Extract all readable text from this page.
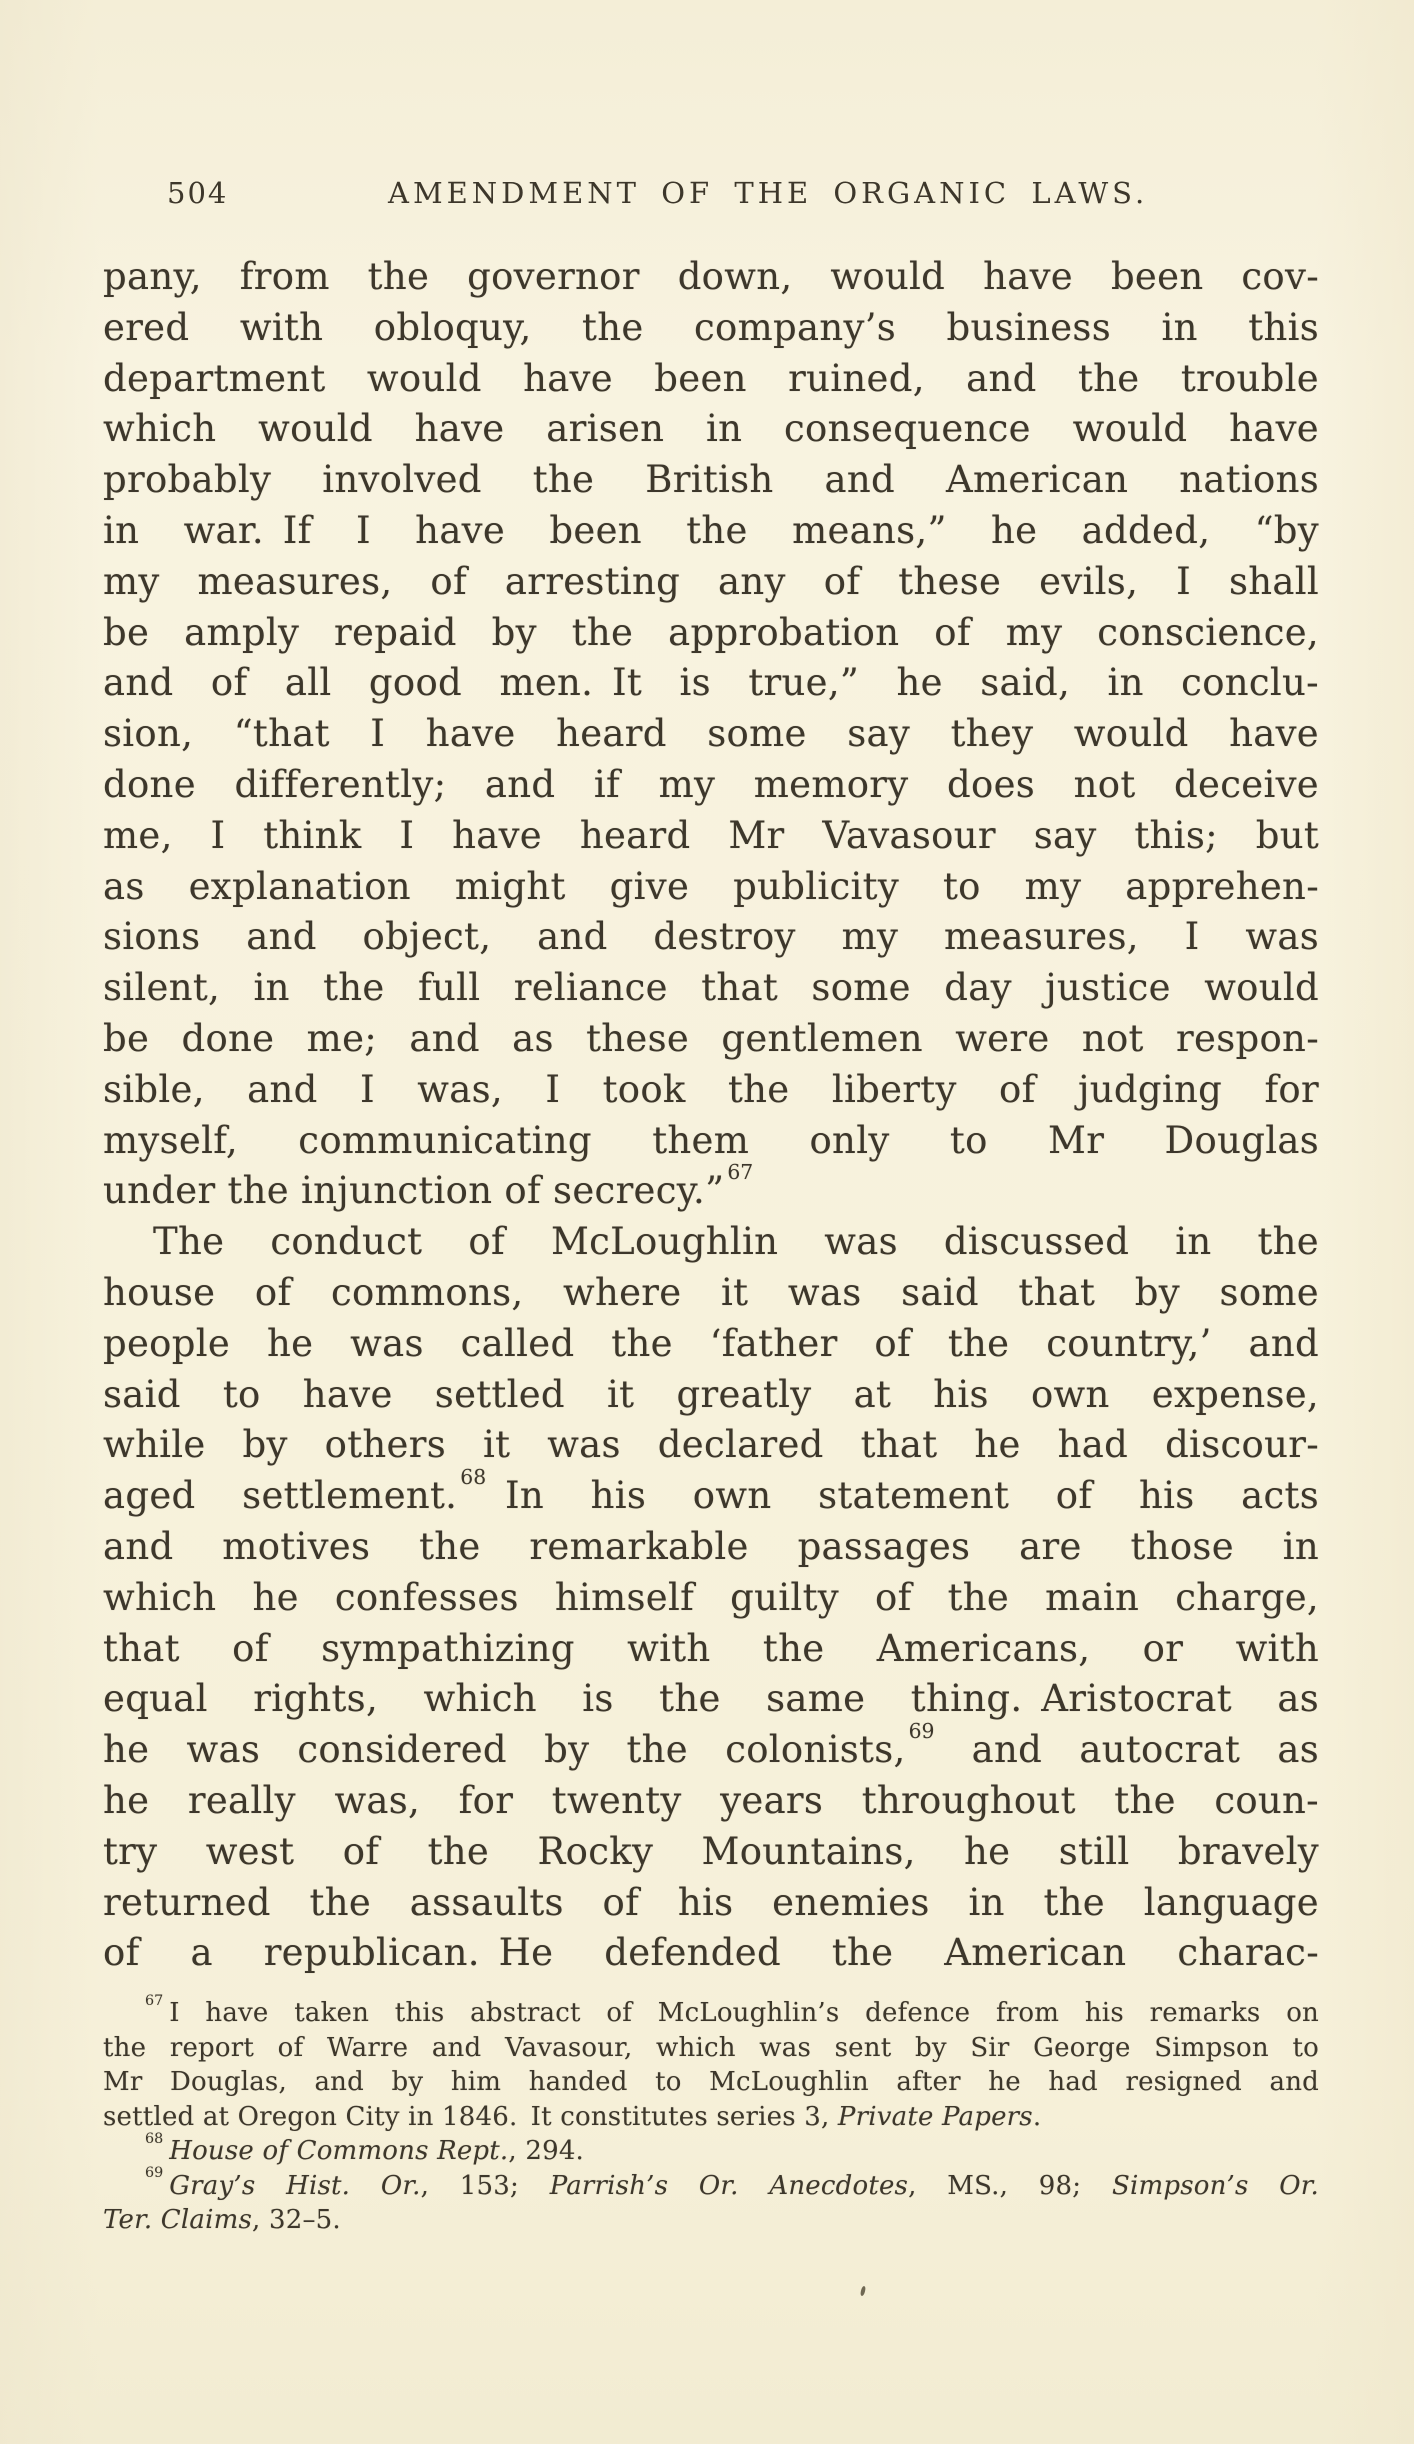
504	AMENDMENT OF THE ORGANIC LAWS.
pany, from the governor down, would have been cov-
ered with obloquy, the company’s business in this
department would have been ruined, and the trouble
which would have arisen in consequence would have
probably involved the British and American nations
in war. If I have been the means,” he added, “by
my measures, of arresting any of these evils, I shall
be amply repaid by the approbation of my conscience,
and of all good men. It is true,” he said, in conclu-
sion, “that I have heard some say they would have
done differently; and if my memory does not deceive
me, I think I have heard Mr Vavasour say this; but
as explanation might give publicity to my apprehen-
sions and object, and destroy my measures, I was
silent, in the full reliance that some day justice would
be done me; and as these gentlemen were not respon-
sible, and I was, I took the liberty of judging for
myself, communicating them only to Mr Douglas
under the injunction of secrecy.” $^{67}$
The conduct of McLoughlin was discussed in the
house of commons, where it was said that by some
people he was called the ‘father of the country,’ and
said to have settled it greatly at his own expense,
while by others it was declared that he had discour-
aged settlement. $^{68}$ In his own statement of his acts
and motives the remarkable passages are those in
which he confesses himself guilty of the main charge,
that of sympathizing with the Americans, or with
equal rights, which is the same thing. Aristocrat as
he was considered by the colonists, $^{69}$ and autocrat as
he really was, for twenty years throughout the coun-
try west of the Rocky Mountains, he still bravely
returned the assaults of his enemies in the language
of a republican. He defended the American charac-
$^{67}$ I have taken this abstract of McLoughlin’s defence from his remarks on
the report of Warre and Vavasour, which was sent by Sir George Simpson to
Mr Douglas, and by him handed to McLoughlin after he had resigned and
settled at Oregon City in 1846. It constitutes series 3, Private Papers.
$^{68}$ House of Commons Rept., 294.
$^{69}$ Gray’s Hist. Or., 153; Parrish’s Or. Anecdotes, MS., 98; Simpson’s Or.
Ter. Claims, 32–5.
